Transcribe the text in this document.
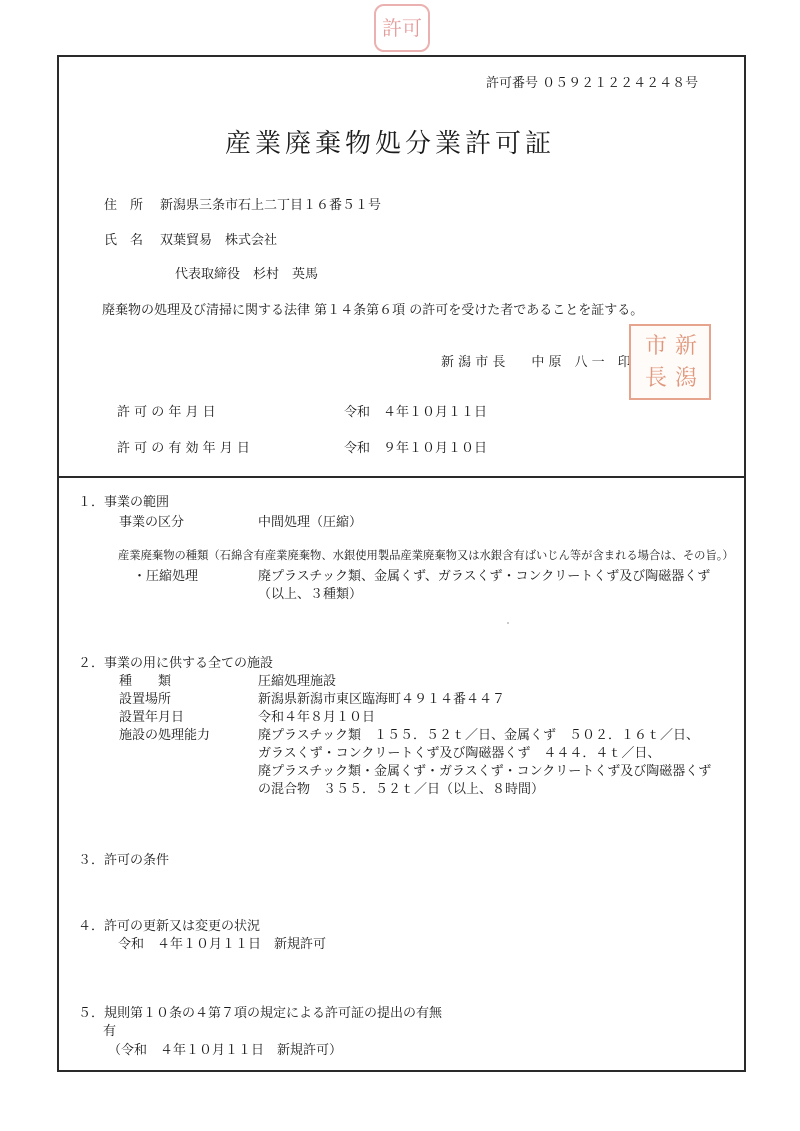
許可
許可番号 ０５９２１２２４２４８号
産業廃棄物処分業許可証
住　所 新潟県三条市石上二丁目１６番５１号
氏　名 双葉貿易　株式会社
代表取締役　杉村　英馬
廃棄物の処理及び清掃に関する法律 第１４条第６項 の許可を受けた者であることを証する。
新 潟 市 長　　中 原　八 一　印
新
潟
市
長
許 可 の 年 月 日	令和　４年１０月１１日
許 可 の 有 効 年 月 日	令和　９年１０月１０日
１．事業の範囲
事業の区分	中間処理（圧縮）
産業廃棄物の種類（石綿含有産業廃棄物、水銀使用製品産業廃棄物又は水銀含有ばいじん等が含まれる場合は、その旨。）
・圧縮処理	廃プラスチック類、金属くず、ガラスくず・コンクリートくず及び陶磁器くず
（以上、３種類）
２．事業の用に供する全ての施設
種　　類	圧縮処理施設
設置場所	新潟県新潟市東区臨海町４９１４番４４７
設置年月日	令和４年８月１０日
施設の処理能力	廃プラスチック類　１５５．５２ｔ／日、金属くず　５０２．１６ｔ／日、
ガラスくず・コンクリートくず及び陶磁器くず　４４４．４ｔ／日、
廃プラスチック類・金属くず・ガラスくず・コンクリートくず及び陶磁器くず
の混合物　３５５．５２ｔ／日（以上、８時間）
３．許可の条件
４．許可の更新又は変更の状況
令和　４年１０月１１日　新規許可
５．規則第１０条の４第７項の規定による許可証の提出の有無
有
（令和　４年１０月１１日　新規許可）
